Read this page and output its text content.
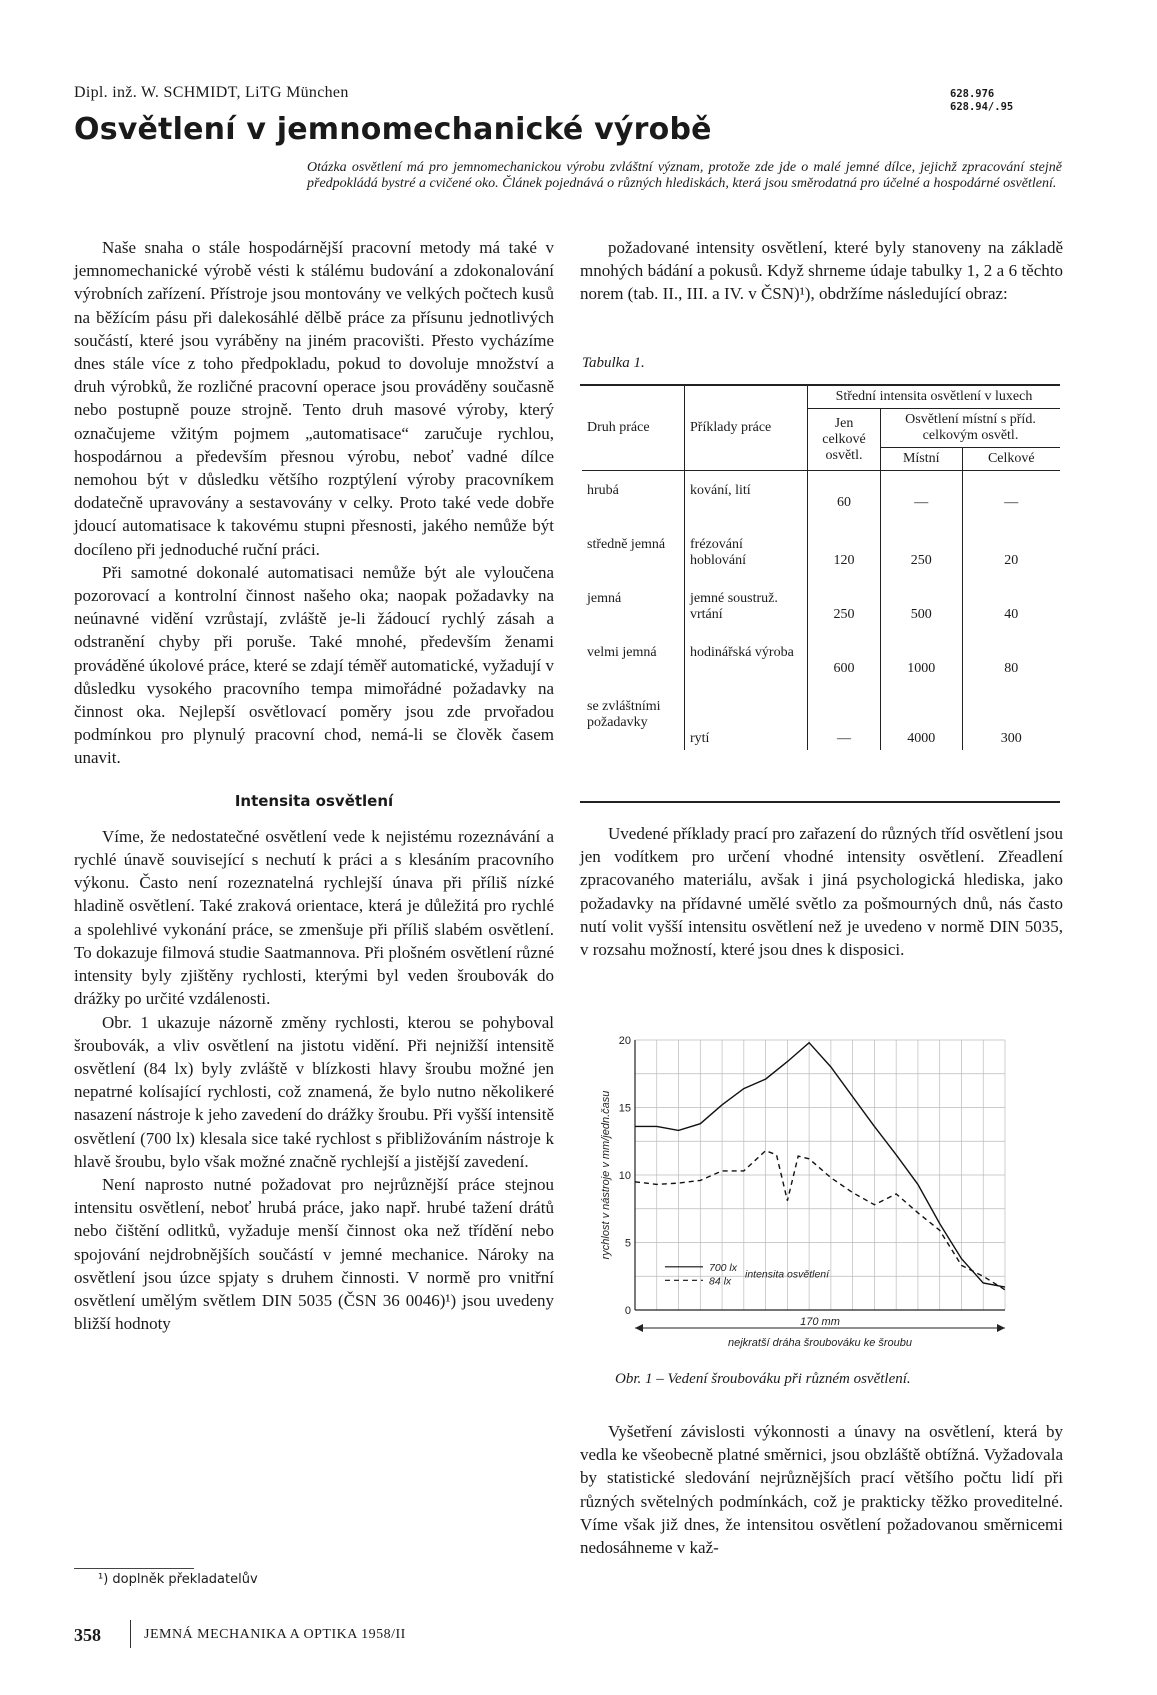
Dipl. inž. W. SCHMIDT, LiTG München	628.976
628.94/.95
Osvětlení v jemnomechanické výrobě
Otázka osvětlení má pro jemnomechanickou výrobu zvláštní význam, protože zde jde o malé jemné dílce, jejichž zpracování stejně předpokládá bystré a cvičené oko. Článek pojednává o různých hlediskách, která jsou směrodatná pro účelné a hospodárné osvětlení.

Naše snaha o stále hospodárnější pracovní metody má také v jemnomechanické výrobě vésti k stálému budování a zdokonalování výrobních zařízení. Přístroje jsou montovány ve velkých počtech kusů na běžícím pásu při dalekosáhlé dělbě práce za přísunu jednotlivých součástí, které jsou vyráběny na jiném pracovišti. Přesto vycházíme dnes stále více z toho předpokladu, pokud to dovoluje množství a druh výrobků, že rozličné pracovní operace jsou prováděny současně nebo postupně pouze strojně. Tento druh masové výroby, který označujeme vžitým pojmem „automatisace“ zaručuje rychlou, hospodárnou a především přesnou výrobu, neboť vadné dílce nemohou být v důsledku většího rozptýlení výroby pracovníkem dodatečně upravovány a sestavovány v celky. Proto také vede dobře jdoucí automatisace k takovému stupni přesnosti, jakého nemůže být docíleno při jednoduché ruční práci.

Při samotné dokonalé automatisaci nemůže být ale vyloučena pozorovací a kontrolní činnost našeho oka; naopak požadavky na neúnavné vidění vzrůstají, zvláště je-li žádoucí rychlý zásah a odstranění chyby při poruše. Také mnohé, především ženami prováděné úkolové práce, které se zdají téměř automatické, vyžadují v důsledku vysokého pracovního tempa mimořádné požadavky na činnost oka. Nejlepší osvětlovací poměry jsou zde prvořadou podmínkou pro plynulý pracovní chod, nemá-li se člověk časem unavit.

Intensita osvětlení

Víme, že nedostatečné osvětlení vede k nejistému rozeznávání a rychlé únavě související s nechutí k práci a s klesáním pracovního výkonu. Často není rozeznatelná rychlejší únava při příliš nízké hladině osvětlení. Také zraková orientace, která je důležitá pro rychlé a spolehlivé vykonání práce, se zmenšuje při příliš slabém osvětlení. To dokazuje filmová studie Saatmannova. Při plošném osvětlení různé intensity byly zjištěny rychlosti, kterými byl veden šroubovák do drážky po určité vzdálenosti.

Obr. 1 ukazuje názorně změny rychlosti, kterou se pohyboval šroubovák, a vliv osvětlení na jistotu vidění. Při nejnižší intensitě osvětlení (84 lx) byly zvláště v blízkosti hlavy šroubu možné jen nepatrné kolísající rychlosti, což znamená, že bylo nutno několikeré nasazení nástroje k jeho zavedení do drážky šroubu. Při vyšší intensitě osvětlení (700 lx) klesala sice také rychlost s přibližováním nástroje k hlavě šroubu, bylo však možné značně rychlejší a jistější zavedení.

Není naprosto nutné požadovat pro nejrůznější práce stejnou intensitu osvětlení, neboť hrubá práce, jako např. hrubé tažení drátů nebo čištění odlitků, vyžaduje menší činnost oka než třídění nebo spojování nejdrobnějších součástí v jemné mechanice. Nároky na osvětlení jsou úzce spjaty s druhem činnosti. V normě pro vnitřní osvětlení umělým světlem DIN 5035 (ČSN 36 0046)¹) jsou uvedeny bližší hodnoty

požadované intensity osvětlení, které byly stanoveny na základě mnohých bádání a pokusů. Když shrneme údaje tabulky 1, 2 a 6 těchto norem (tab. II., III. a IV. v ČSN)¹), obdržíme následující obraz:

Tabulka 1.
Druh práce	Příklady práce	Střední intensita osvětlení v luxech		
		Jen celkové osvětl.	Osvětlení místní s příd. celkovým osvětl.	
			Místní	Celkové
hrubá	kování, lití	60	—	—
středně jemná	frézování hoblování	120	250	20
jemná	jemné soustruž. vrtání	250	500	40
velmi jemná	hodinářská výroba	600	1000	80
se zvláštními požadavky	rytí	—	4000	300

Uvedené příklady prací pro zařazení do různých tříd osvětlení jsou jen vodítkem pro určení vhodné intensity osvětlení. Zřeadlení zpracovaného materiálu, avšak i jiná psychologická hlediska, jako požadavky na přídavné umělé světlo za pošmourných dnů, nás často nutí volit vyšší intensitu osvětlení než je uvedeno v normě DIN 5035, v rozsahu možností, které jsou dnes k disposici.

0
5
10
15
20
rychlost v nástroje v mm/jedn.času
170 mm
nejkratší dráha šroubováku ke šroubu
700 lx
84 lx
intensita osvětlení
Obr. 1 – Vedení šroubováku při různém osvětlení.

Vyšetření závislosti výkonnosti a únavy na osvětlení, která by vedla ke všeobecně platné směrnici, jsou obzláště obtížná. Vyžadovala by statistické sledování nejrůznějších prací většího počtu lidí při různých světelných podmínkách, což je prakticky těžko proveditelné. Víme však již dnes, že intensitou osvětlení požadovanou směrnicemi nedosáhneme v kaž-

¹) doplněk překladatelův
358	JEMNÁ MECHANIKA A OPTIKA 1958/II
